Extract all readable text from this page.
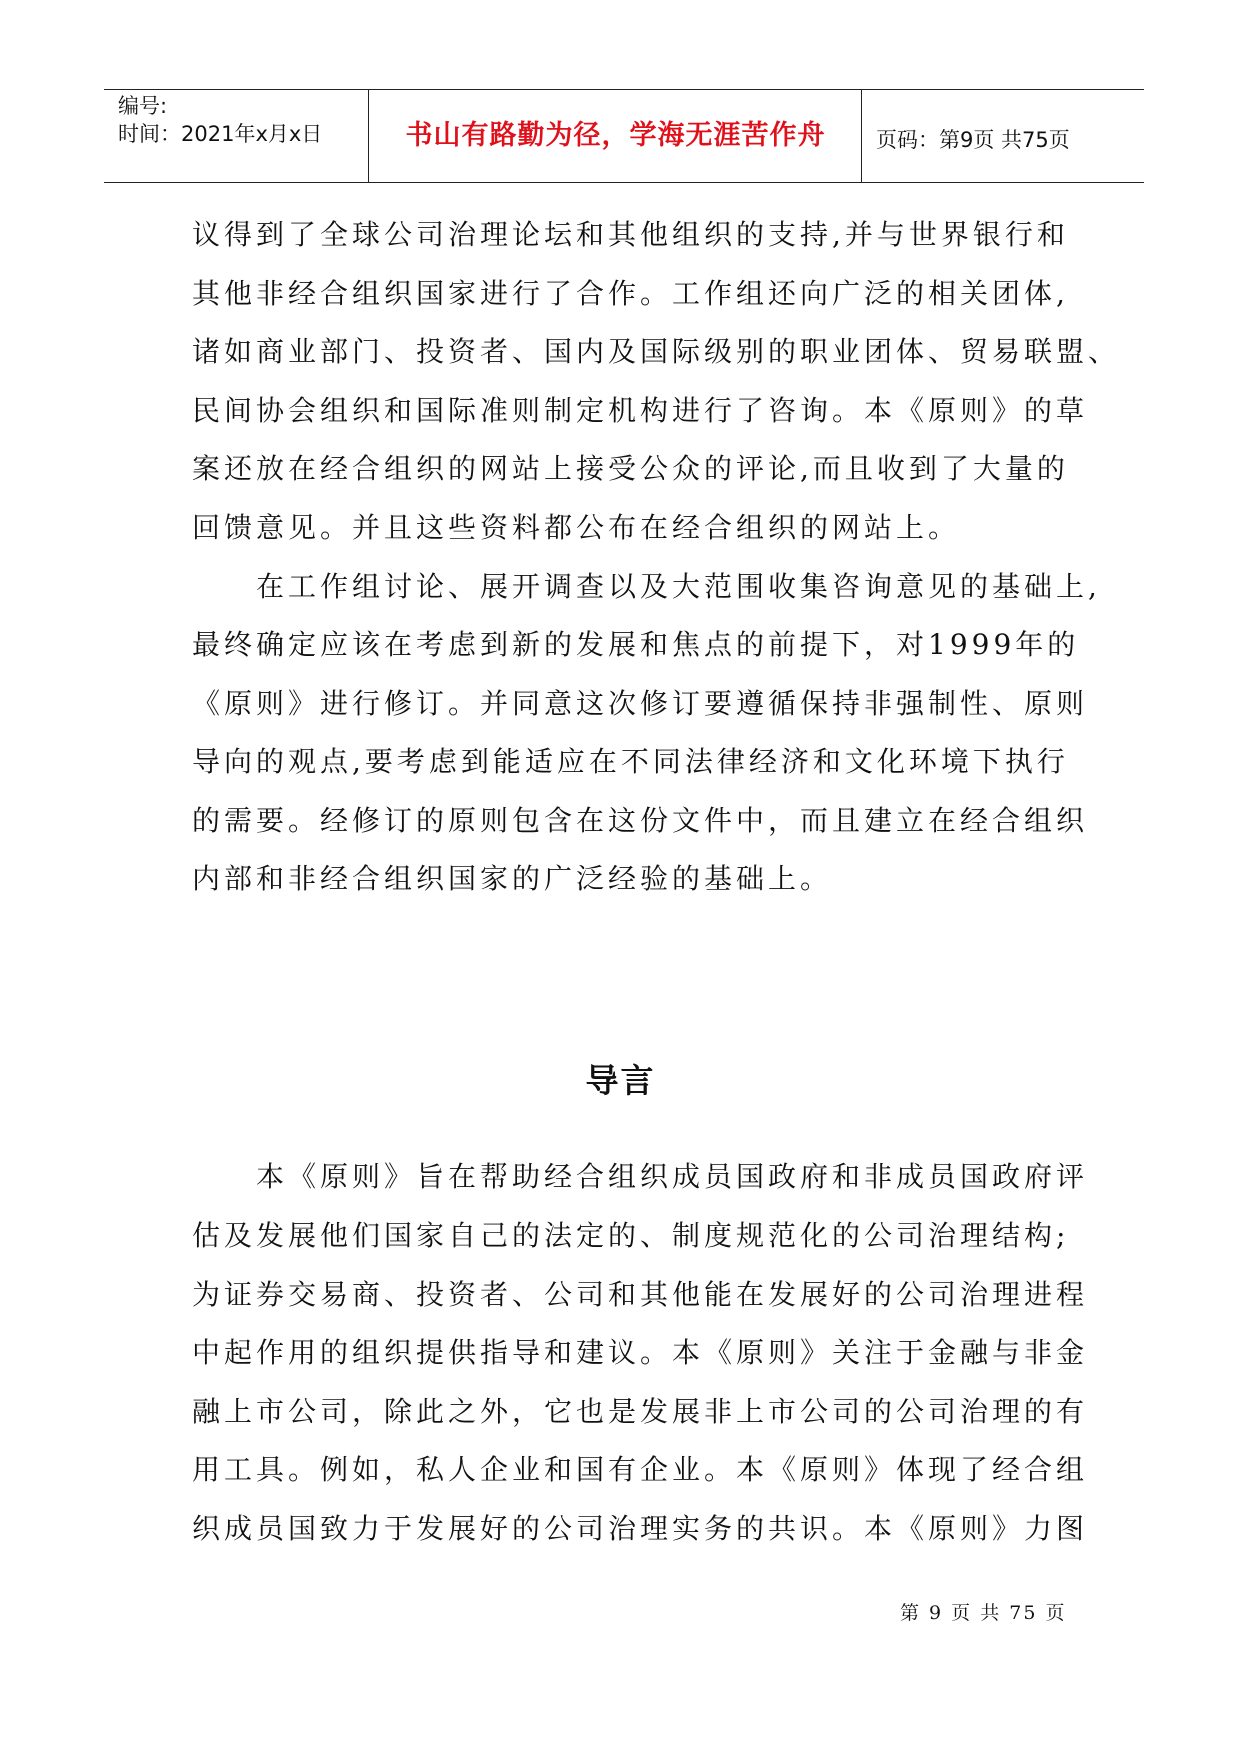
编号:
时间：2021年x月x日	书山有路勤为径，学海无涯苦作舟	页码：第9页 共75页
议得到了全球公司治理论坛和其他组织的支持,并与世界银行和
其他非经合组织国家进行了合作。工作组还向广泛的相关团体,
诸如商业部门、投资者、国内及国际级别的职业团体、贸易联盟、
民间协会组织和国际准则制定机构进行了咨询。本《原则》的草
案还放在经合组织的网站上接受公众的评论,而且收到了大量的
回馈意见。并且这些资料都公布在经合组织的网站上。
在工作组讨论、展开调查以及大范围收集咨询意见的基础上,
最终确定应该在考虑到新的发展和焦点的前提下，对1999年的
《原则》进行修订。并同意这次修订要遵循保持非强制性、原则
导向的观点,要考虑到能适应在不同法律经济和文化环境下执行
的需要。经修订的原则包含在这份文件中，而且建立在经合组织
内部和非经合组织国家的广泛经验的基础上。
本《原则》旨在帮助经合组织成员国政府和非成员国政府评
估及发展他们国家自己的法定的、制度规范化的公司治理结构;
为证券交易商、投资者、公司和其他能在发展好的公司治理进程
中起作用的组织提供指导和建议。本《原则》关注于金融与非金
融上市公司，除此之外，它也是发展非上市公司的公司治理的有
用工具。例如，私人企业和国有企业。本《原则》体现了经合组
织成员国致力于发展好的公司治理实务的共识。本《原则》力图
导言
第 9 页 共 75 页
